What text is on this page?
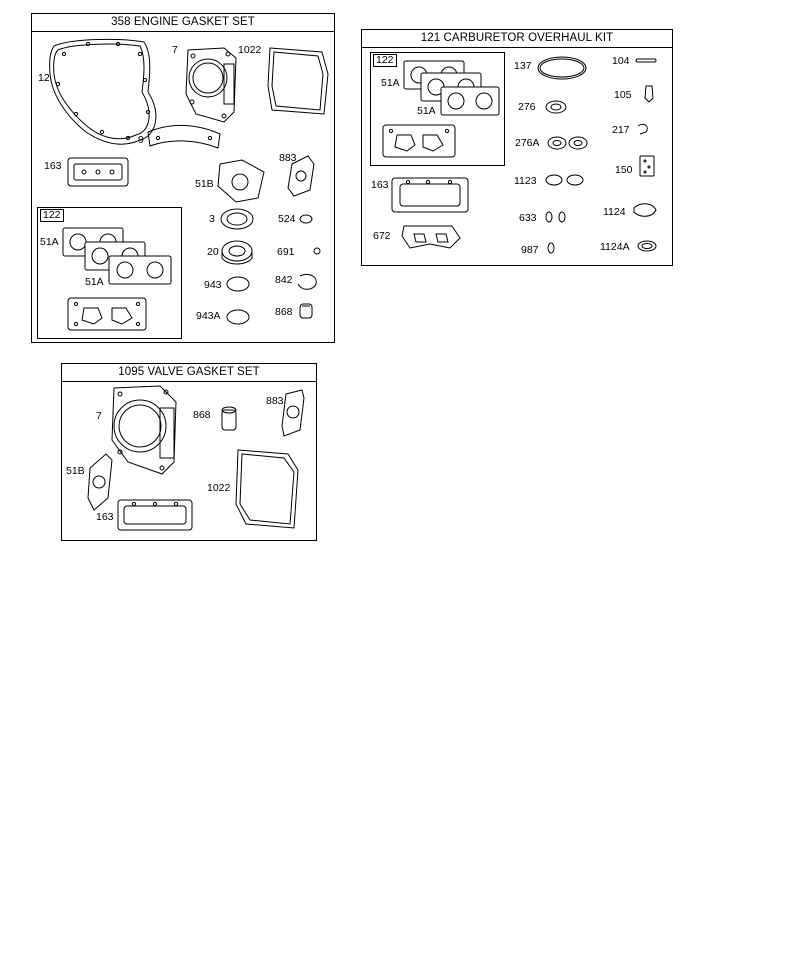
358 ENGINE GASKET SET
12
7	1022
9
163
51B
883
3	524
20	691
943	842
943A	868
122
51A
51A
121 CARBURETOR OVERHAUL KIT
137	104
276
105
276A
217
150
163	1123
1124
633
672
987	1124A
122
51A
51A
1095 VALVE GASKET SET
7	868
883
51B
1022
163
